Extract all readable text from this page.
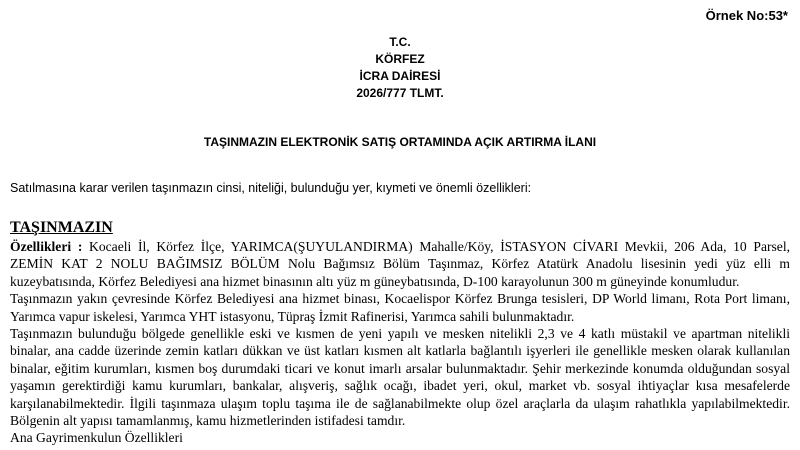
Örnek No:53*
T.C.
KÖRFEZ
İCRA DAİRESİ
2026/777 TLMT.
TAŞINMAZIN ELEKTRONİK SATIŞ ORTAMINDA AÇIK ARTIRMA İLANI
Satılmasına karar verilen taşınmazın cinsi, niteliği, bulunduğu yer, kıymeti ve önemli özellikleri:
TAŞINMAZIN

Özellikleri : Kocaeli İl, Körfez İlçe, YARIMCA(ŞUYULANDIRMA) Mahalle/Köy, İSTASYON CİVARI Mevkii, 206 Ada, 10 Parsel, ZEMİN KAT 2 NOLU BAĞIMSIZ BÖLÜM Nolu Bağımsız Bölüm Taşınmaz, Körfez Atatürk Anadolu lisesinin yedi yüz elli m kuzeybatısında, Körfez Belediyesi ana hizmet binasının altı yüz m güneybatısında, D-100 karayolunun 300 m güneyinde konumludur.

Taşınmazın yakın çevresinde Körfez Belediyesi ana hizmet binası, Kocaelispor Körfez Brunga tesisleri, DP World limanı, Rota Port limanı, Yarımca vapur iskelesi, Yarımca YHT istasyonu, Tüpraş İzmit Rafinerisi, Yarımca sahili bulunmaktadır.

Taşınmazın bulunduğu bölgede genellikle eski ve kısmen de yeni yapılı ve mesken nitelikli 2,3 ve 4 katlı müstakil ve apartman nitelikli binalar, ana cadde üzerinde zemin katları dükkan ve üst katları kısmen alt katlarla bağlantılı işyerleri ile genellikle mesken olarak kullanılan binalar, eğitim kurumları, kısmen boş durumdaki ticari ve konut imarlı arsalar bulunmaktadır. Şehir merkezinde konumda olduğundan sosyal yaşamın gerektirdiği kamu kurumları, bankalar, alışveriş, sağlık ocağı, ibadet yeri, okul, market vb. sosyal ihtiyaçlar kısa mesafelerde karşılanabilmektedir. İlgili taşınmaza ulaşım toplu taşıma ile de sağlanabilmekte olup özel araçlarla da ulaşım rahatlıkla yapılabilmektedir. Bölgenin alt yapısı tamamlanmış, kamu hizmetlerinden istifadesi tamdır.

Ana Gayrimenkulun Özellikleri
